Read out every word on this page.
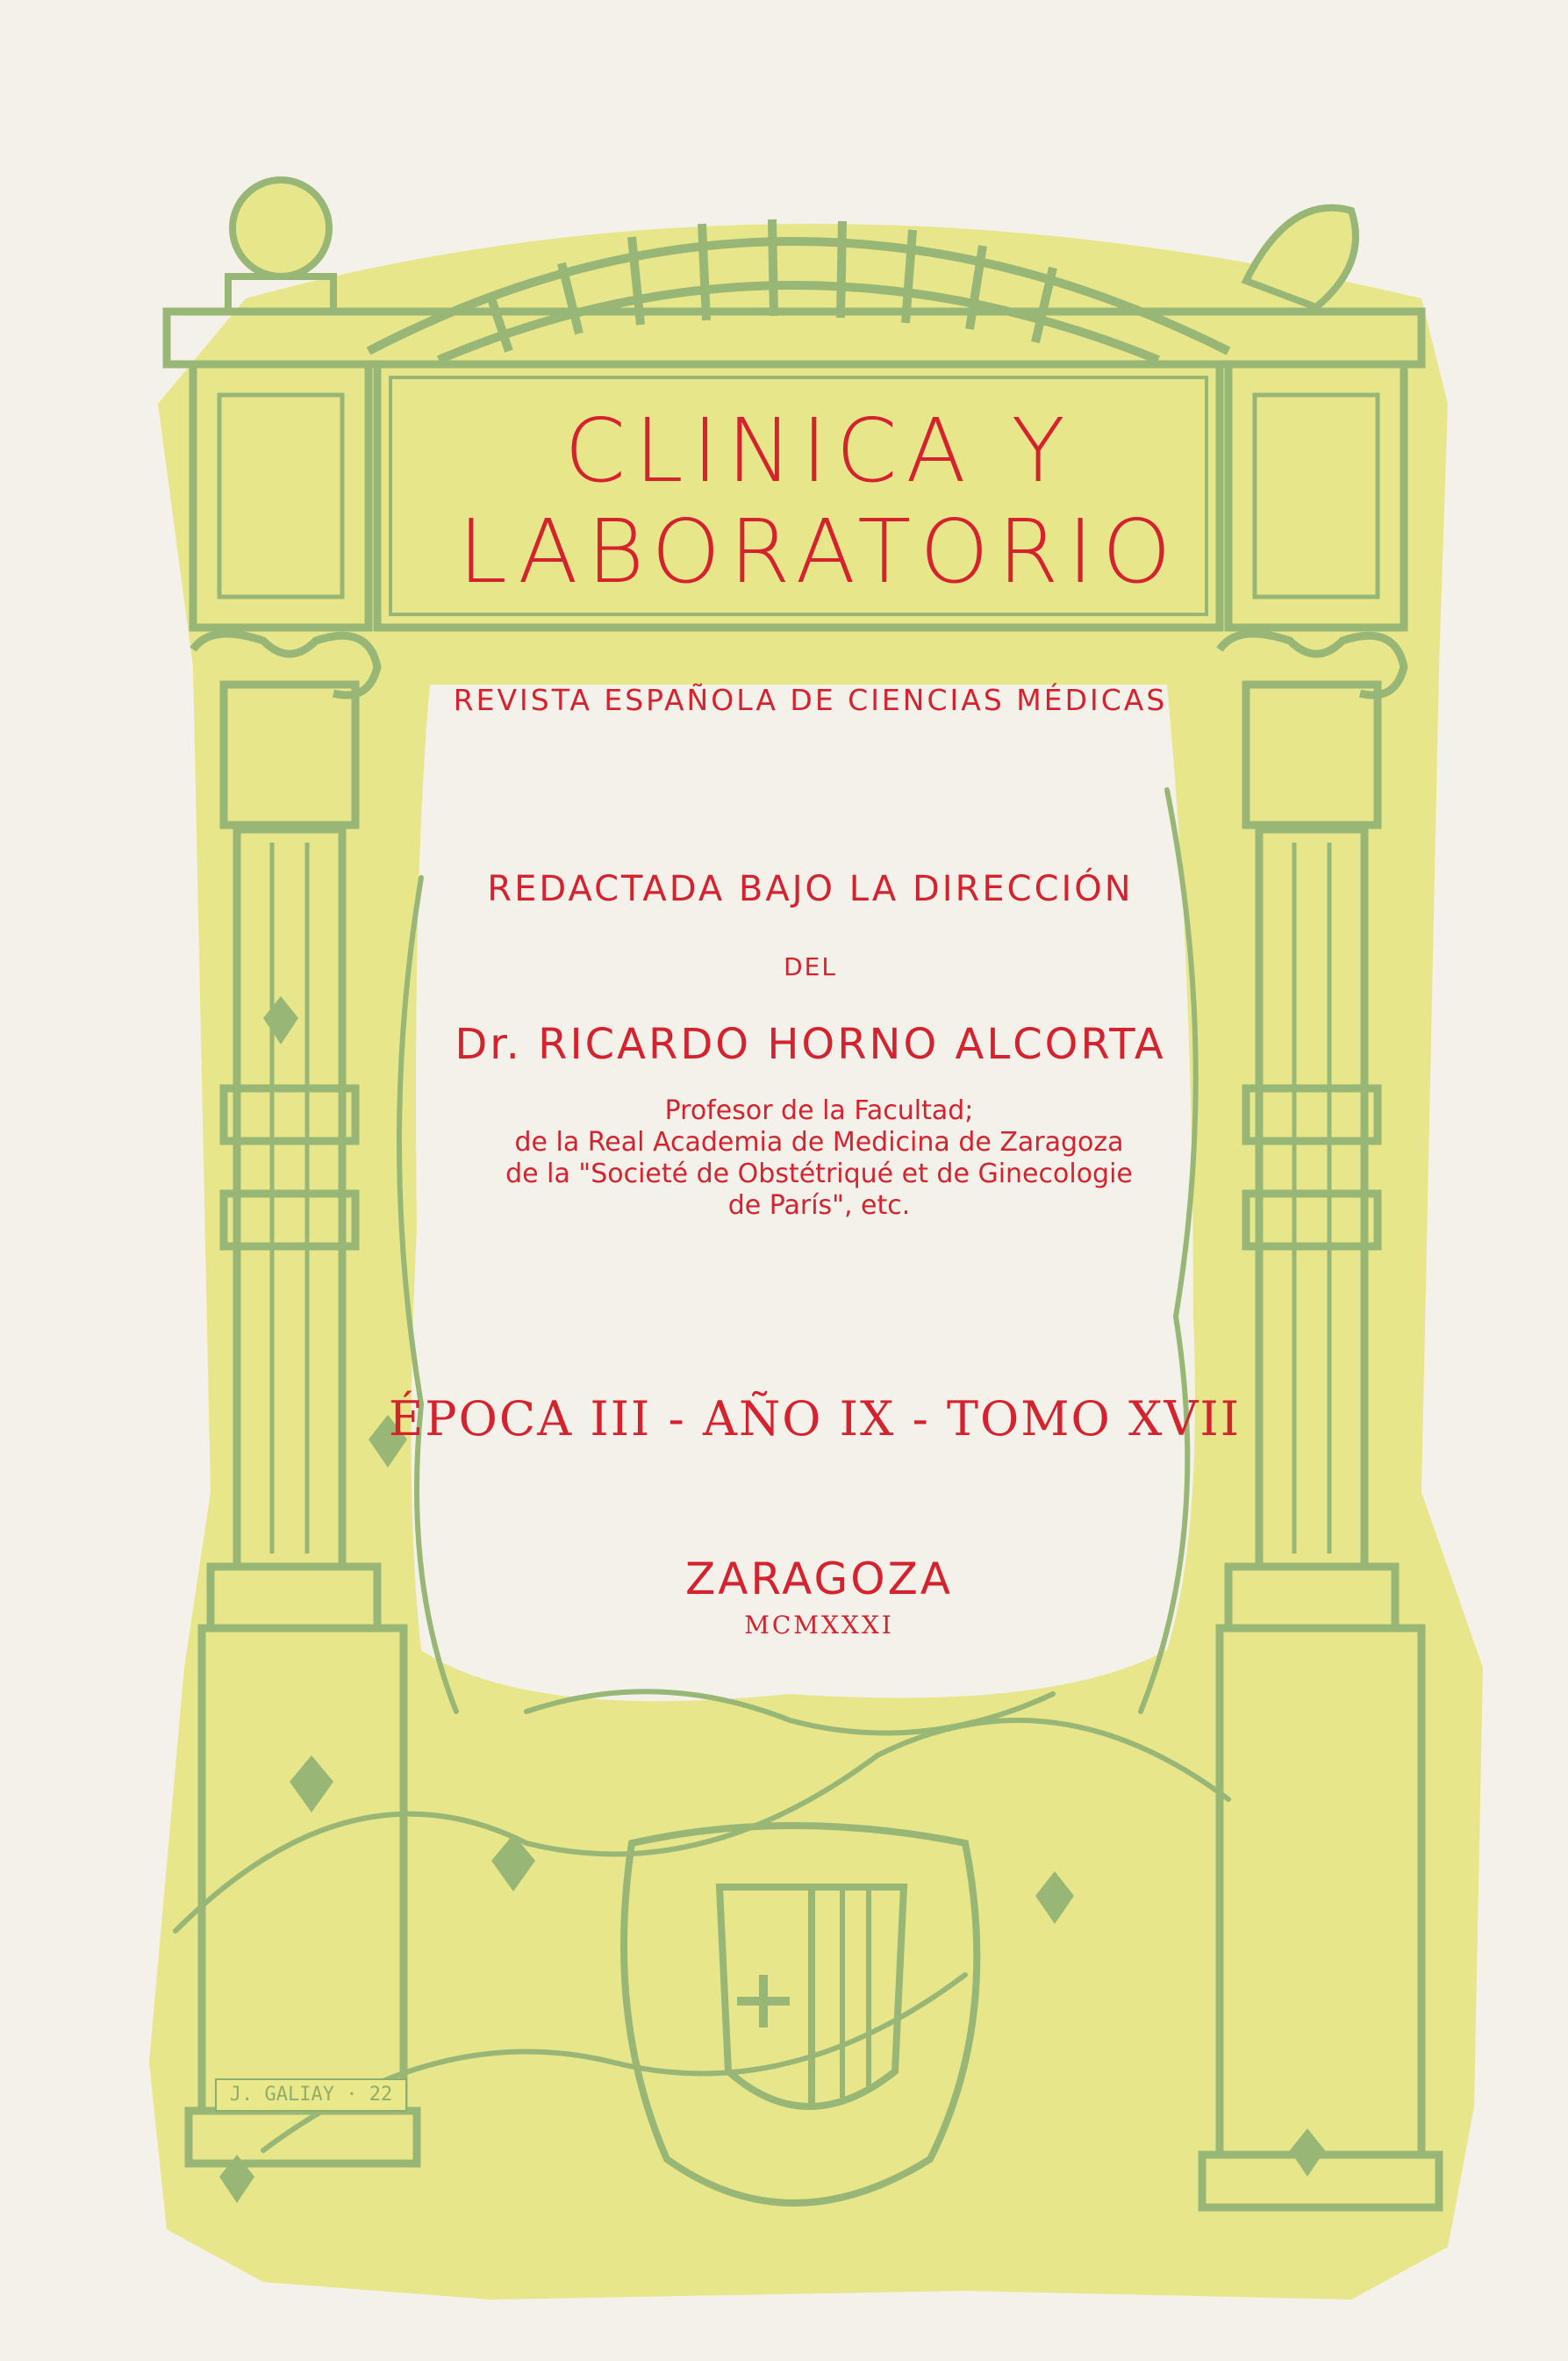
CLINICA Y
LABORATORIO
REVISTA ESPAÑOLA DE CIENCIAS MÉDICAS
REDACTADA BAJO LA DIRECCIÓN
DEL
Dr. RICARDO HORNO ALCORTA
Profesor de la Facultad;
de la Real Academia de Medicina de Zaragoza
de la "Societé de Obstétriqué et de Ginecologie
de París", etc.
ÉPOCA III - AÑO IX - TOMO XVII
ZARAGOZA
MCMXXXI
J. GALIAY · 22
